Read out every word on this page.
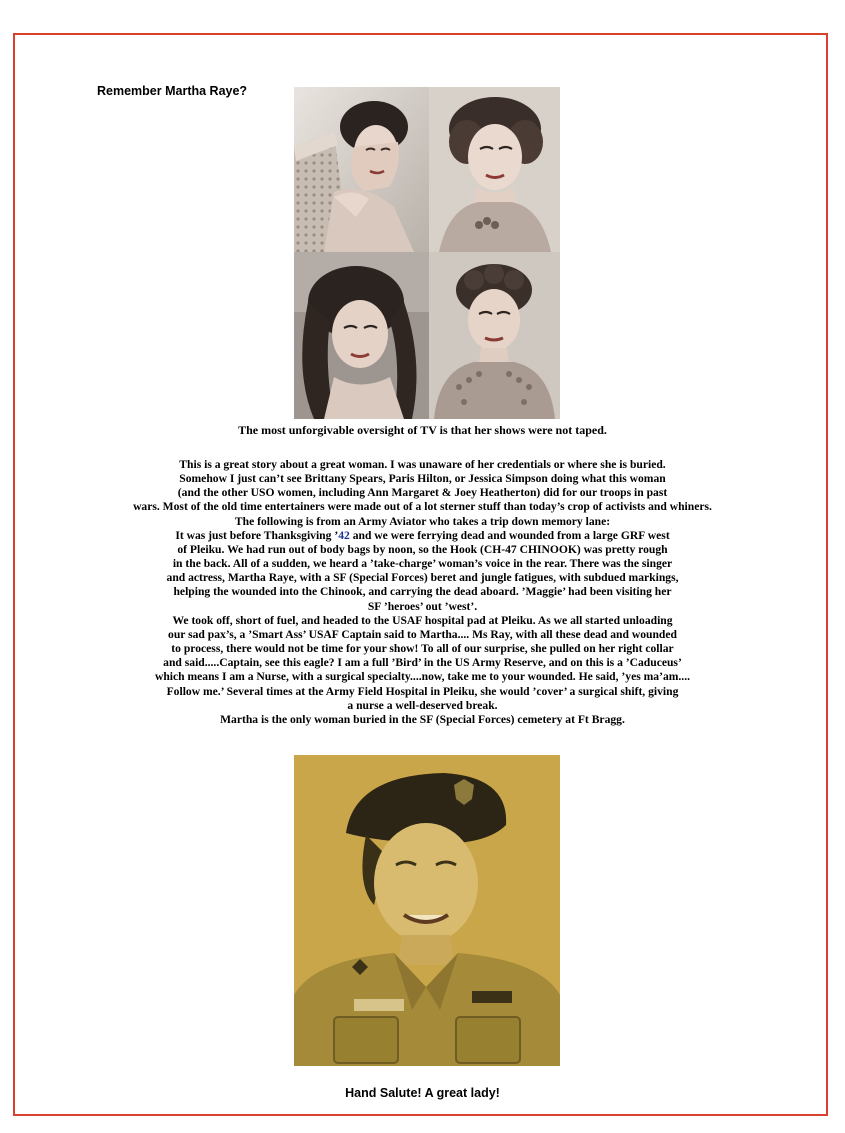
Remember Martha Raye?

The most unforgivable oversight of TV is that her shows were not taped.

This is a great story about a great woman. I was unaware of her credentials or where she is buried.
Somehow I just can’t see Brittany Spears, Paris Hilton, or Jessica Simpson doing what this woman
(and the other USO women, including Ann Margaret & Joey Heatherton) did for our troops in past
wars. Most of the old time entertainers were made out of a lot sterner stuff than today’s crop of activists and whiners.
The following is from an Army Aviator who takes a trip down memory lane:
It was just before Thanksgiving ’42 and we were ferrying dead and wounded from a large GRF west
of Pleiku. We had run out of body bags by noon, so the Hook (CH-47 CHINOOK) was pretty rough
in the back. All of a sudden, we heard a ’take-charge’ woman’s voice in the rear. There was the singer
and actress, Martha Raye, with a SF (Special Forces) beret and jungle fatigues, with subdued markings,
helping the wounded into the Chinook, and carrying the dead aboard. ’Maggie’ had been visiting her
SF ’heroes’ out ’west’.
We took off, short of fuel, and headed to the USAF hospital pad at Pleiku. As we all started unloading
our sad pax’s, a ’Smart Ass’ USAF Captain said to Martha.... Ms Ray, with all these dead and wounded
to process, there would not be time for your show! To all of our surprise, she pulled on her right collar
and said.....Captain, see this eagle? I am a full ’Bird’ in the US Army Reserve, and on this is a ’Caduceus’
which means I am a Nurse, with a surgical specialty....now, take me to your wounded. He said, ’yes ma’am....
Follow me.’ Several times at the Army Field Hospital in Pleiku, she would ’cover’ a surgical shift, giving
a nurse a well-deserved break.
Martha is the only woman buried in the SF (Special Forces) cemetery at Ft Bragg.

Hand Salute! A great lady!
